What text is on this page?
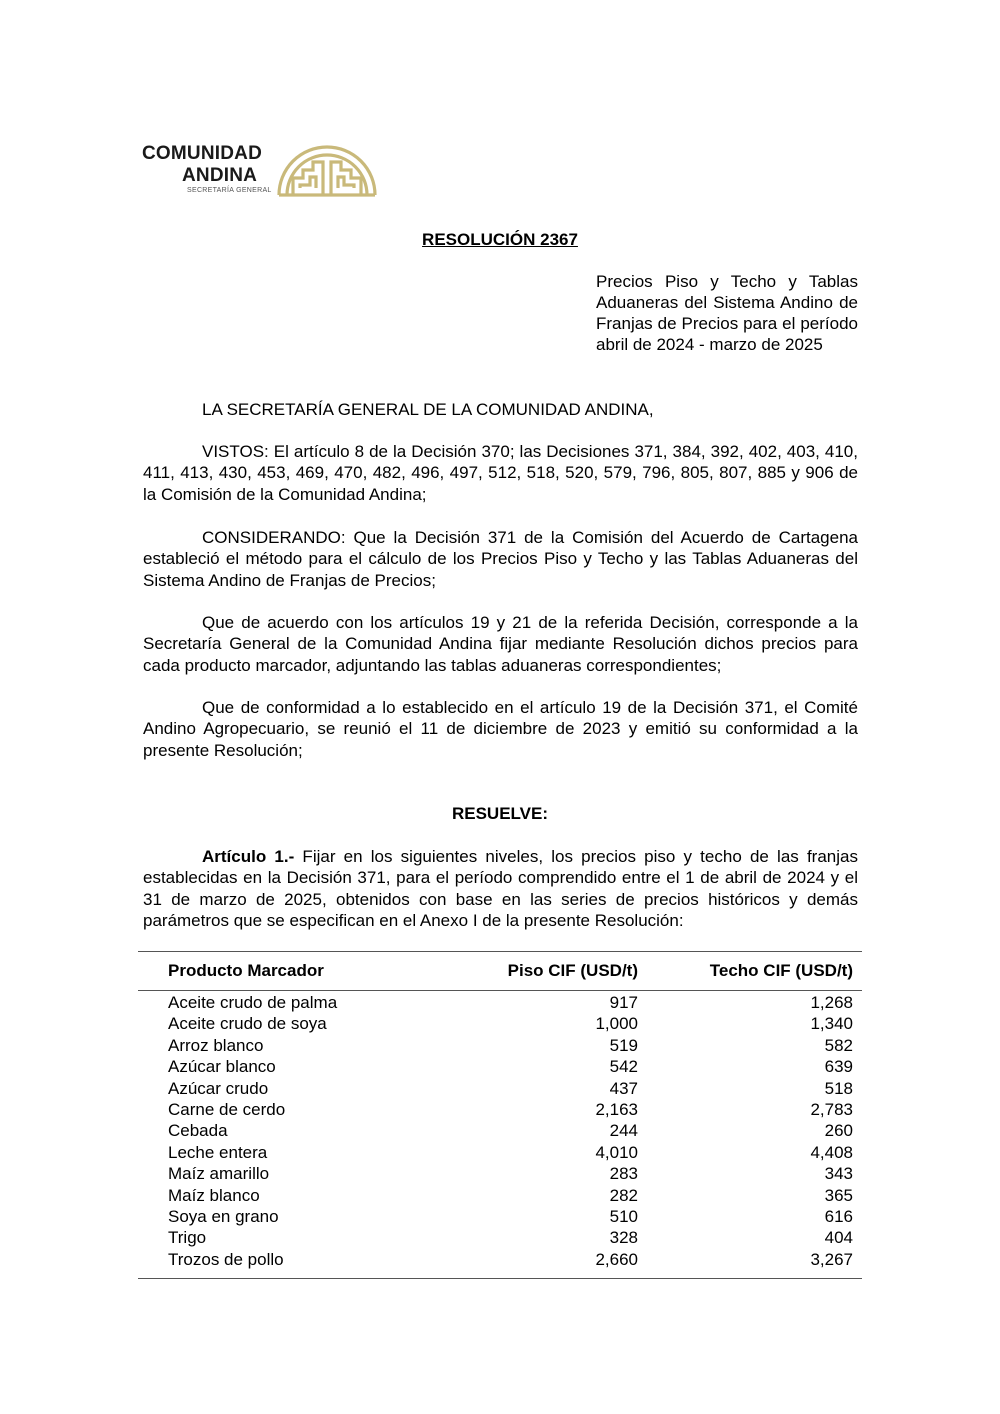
COMUNIDAD
ANDINA
SECRETARÍA GENERAL
RESOLUCIÓN 2367
Precios Piso y Techo y Tablas Aduaneras del Sistema Andino de Franjas de Precios para el período abril de 2024 - marzo de 2025
LA SECRETARÍA GENERAL DE LA COMUNIDAD ANDINA,
VISTOS: El artículo 8 de la Decisión 370; las Decisiones 371, 384, 392, 402, 403, 410, 411, 413, 430, 453, 469, 470, 482, 496, 497, 512, 518, 520, 579, 796, 805, 807, 885 y 906 de la Comisión de la Comunidad Andina;
CONSIDERANDO: Que la Decisión 371 de la Comisión del Acuerdo de Cartagena estableció el método para el cálculo de los Precios Piso y Techo y las Tablas Aduaneras del Sistema Andino de Franjas de Precios;
Que de acuerdo con los artículos 19 y 21 de la referida Decisión, corresponde a la Secretaría General de la Comunidad Andina fijar mediante Resolución dichos precios para cada producto marcador, adjuntando las tablas aduaneras correspondientes;
Que de conformidad a lo establecido en el artículo 19 de la Decisión 371, el Comité Andino Agropecuario, se reunió el 11 de diciembre de 2023 y emitió su conformidad a la presente Resolución;
RESUELVE:
Artículo 1.- Fijar en los siguientes niveles, los precios piso y techo de las franjas establecidas en la Decisión 371, para el período comprendido entre el 1 de abril de 2024 y el 31 de marzo de 2025, obtenidos con base en las series de precios históricos y demás parámetros que se especifican en el Anexo I de la presente Resolución:
Producto Marcador	Piso CIF (USD/t)	Techo CIF (USD/t)
Aceite crudo de palma	917	1,268
Aceite crudo de soya	1,000	1,340
Arroz blanco	519	582
Azúcar blanco	542	639
Azúcar crudo	437	518
Carne de cerdo	2,163	2,783
Cebada	244	260
Leche entera	4,010	4,408
Maíz amarillo	283	343
Maíz blanco	282	365
Soya en grano	510	616
Trigo	328	404
Trozos de pollo	2,660	3,267
